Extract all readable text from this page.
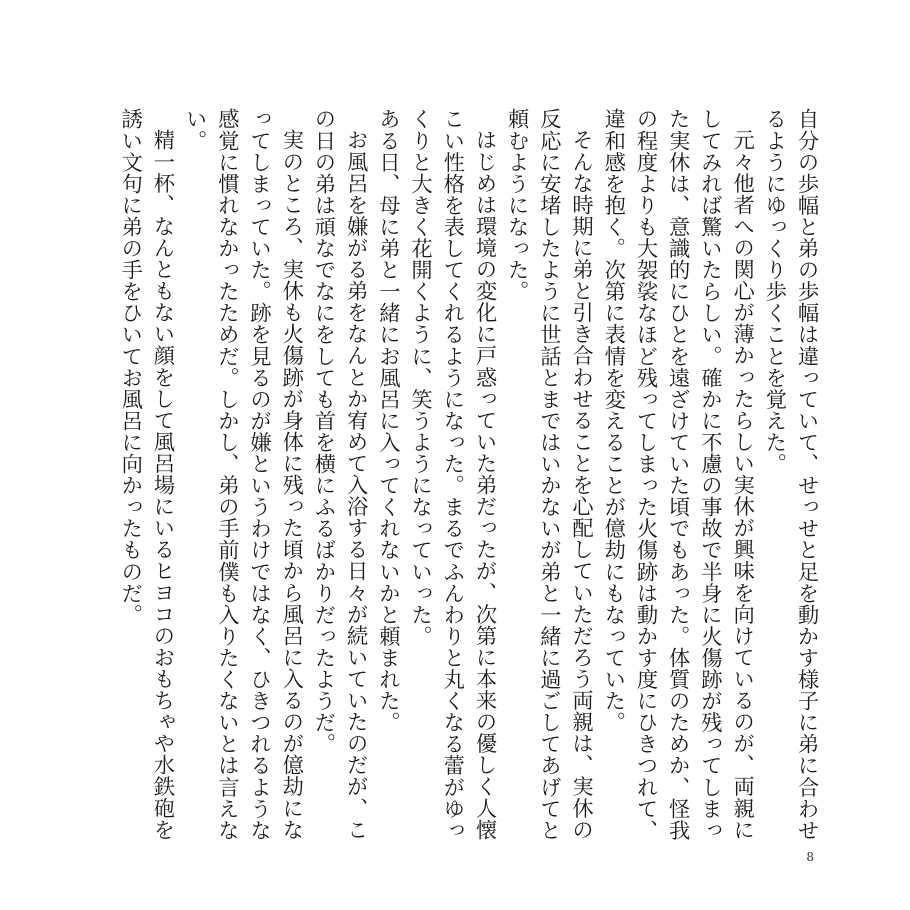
自分の歩幅と弟の歩幅は違っていて、せっせと足を動かす様子に弟に合わせるようにゆっくり歩くことを覚えた。

元々他者への関心が薄かったらしい実休が興味を向けているのが、両親にしてみれば驚いたらしい。確かに不慮の事故で半身に火傷跡が残ってしまった実休は、意識的にひとを遠ざけていた頃でもあった。体質のためか、怪我の程度よりも大袈裟なほど残ってしまった火傷跡は動かす度にひきつれて、違和感を抱く。次第に表情を変えることが億劫にもなっていた。

そんな時期に弟と引き合わせることを心配していただろう両親は、実休の反応に安堵したように世話とまではいかないが弟と一緒に過ごしてあげてと頼むようになった。

はじめは環境の変化に戸惑っていた弟だったが、次第に本来の優しく人懐こい性格を表してくれるようになった。まるでふんわりと丸くなる蕾がゆっくりと大きく花開くように、笑うようになっていった。

ある日、母に弟と一緒にお風呂に入ってくれないかと頼まれた。

お風呂を嫌がる弟をなんとか宥めて入浴する日々が続いていたのだが、この日の弟は頑なでなにをしても首を横にふるばかりだったようだ。

実のところ、実休も火傷跡が身体に残った頃から風呂に入るのが億劫になってしまっていた。跡を見るのが嫌というわけではなく、ひきつれるような感覚に慣れなかったためだ。しかし、弟の手前僕も入りたくないとは言えない。

精一杯、なんともない顔をして風呂場にいるヒヨコのおもちゃや水鉄砲を誘い文句に弟の手をひいてお風呂に向かったものだ。

8
